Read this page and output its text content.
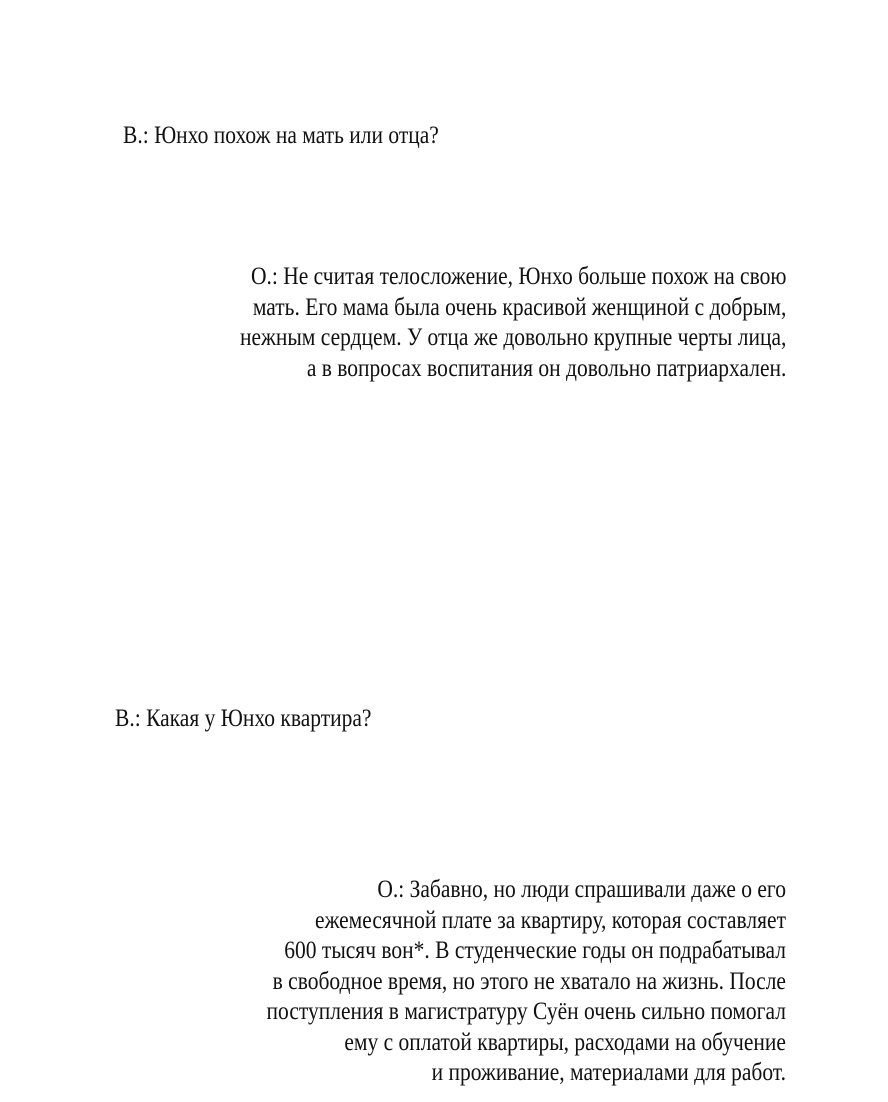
В.: Юнхо похож на мать или отца?
О.: Не считая телосложение, Юнхо больше похож на свою
мать. Его мама была очень красивой женщиной с добрым,
нежным сердцем. У отца же довольно крупные черты лица,
а в вопросах воспитания он довольно патриархален.
В.: Какая у Юнхо квартира?
О.: Забавно, но люди спрашивали даже о его
ежемесячной плате за квартиру, которая составляет
600 тысяч вон*. В студенческие годы он подрабатывал
в свободное время, но этого не хватало на жизнь. После
поступления в магистратуру Суён очень сильно помогал
ему с оплатой квартиры, расходами на обучение
и проживание, материалами для работ.
